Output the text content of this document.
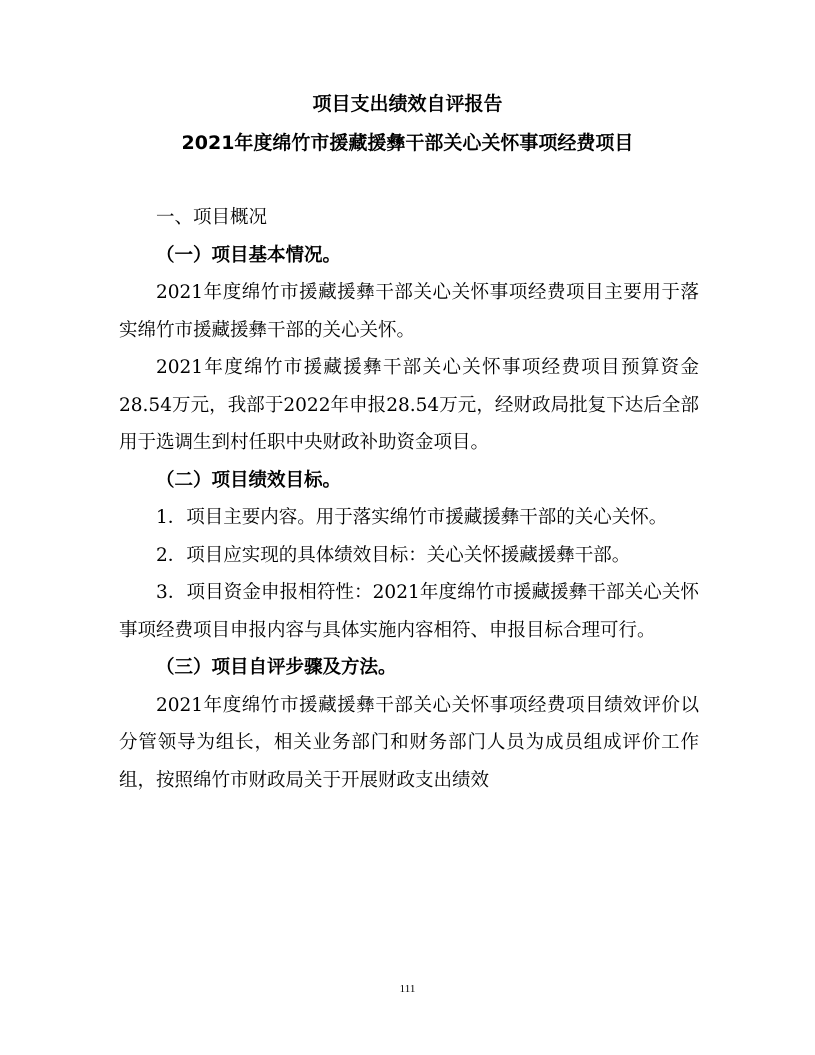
项目支出绩效自评报告
2021年度绵竹市援藏援彝干部关心关怀事项经费项目

一、项目概况

（一）项目基本情况。

2021年度绵竹市援藏援彝干部关心关怀事项经费项目主要用于落实绵竹市援藏援彝干部的关心关怀。

2021年度绵竹市援藏援彝干部关心关怀事项经费项目预算资金28.54万元，我部于2022年申报28.54万元，经财政局批复下达后全部用于选调生到村任职中央财政补助资金项目。

（二）项目绩效目标。

1．项目主要内容。用于落实绵竹市援藏援彝干部的关心关怀。

2．项目应实现的具体绩效目标：关心关怀援藏援彝干部。

3．项目资金申报相符性：2021年度绵竹市援藏援彝干部关心关怀事项经费项目申报内容与具体实施内容相符、申报目标合理可行。

（三）项目自评步骤及方法。

2021年度绵竹市援藏援彝干部关心关怀事项经费项目绩效评价以分管领导为组长，相关业务部门和财务部门人员为成员组成评价工作组，按照绵竹市财政局关于开展财政支出绩效

111
